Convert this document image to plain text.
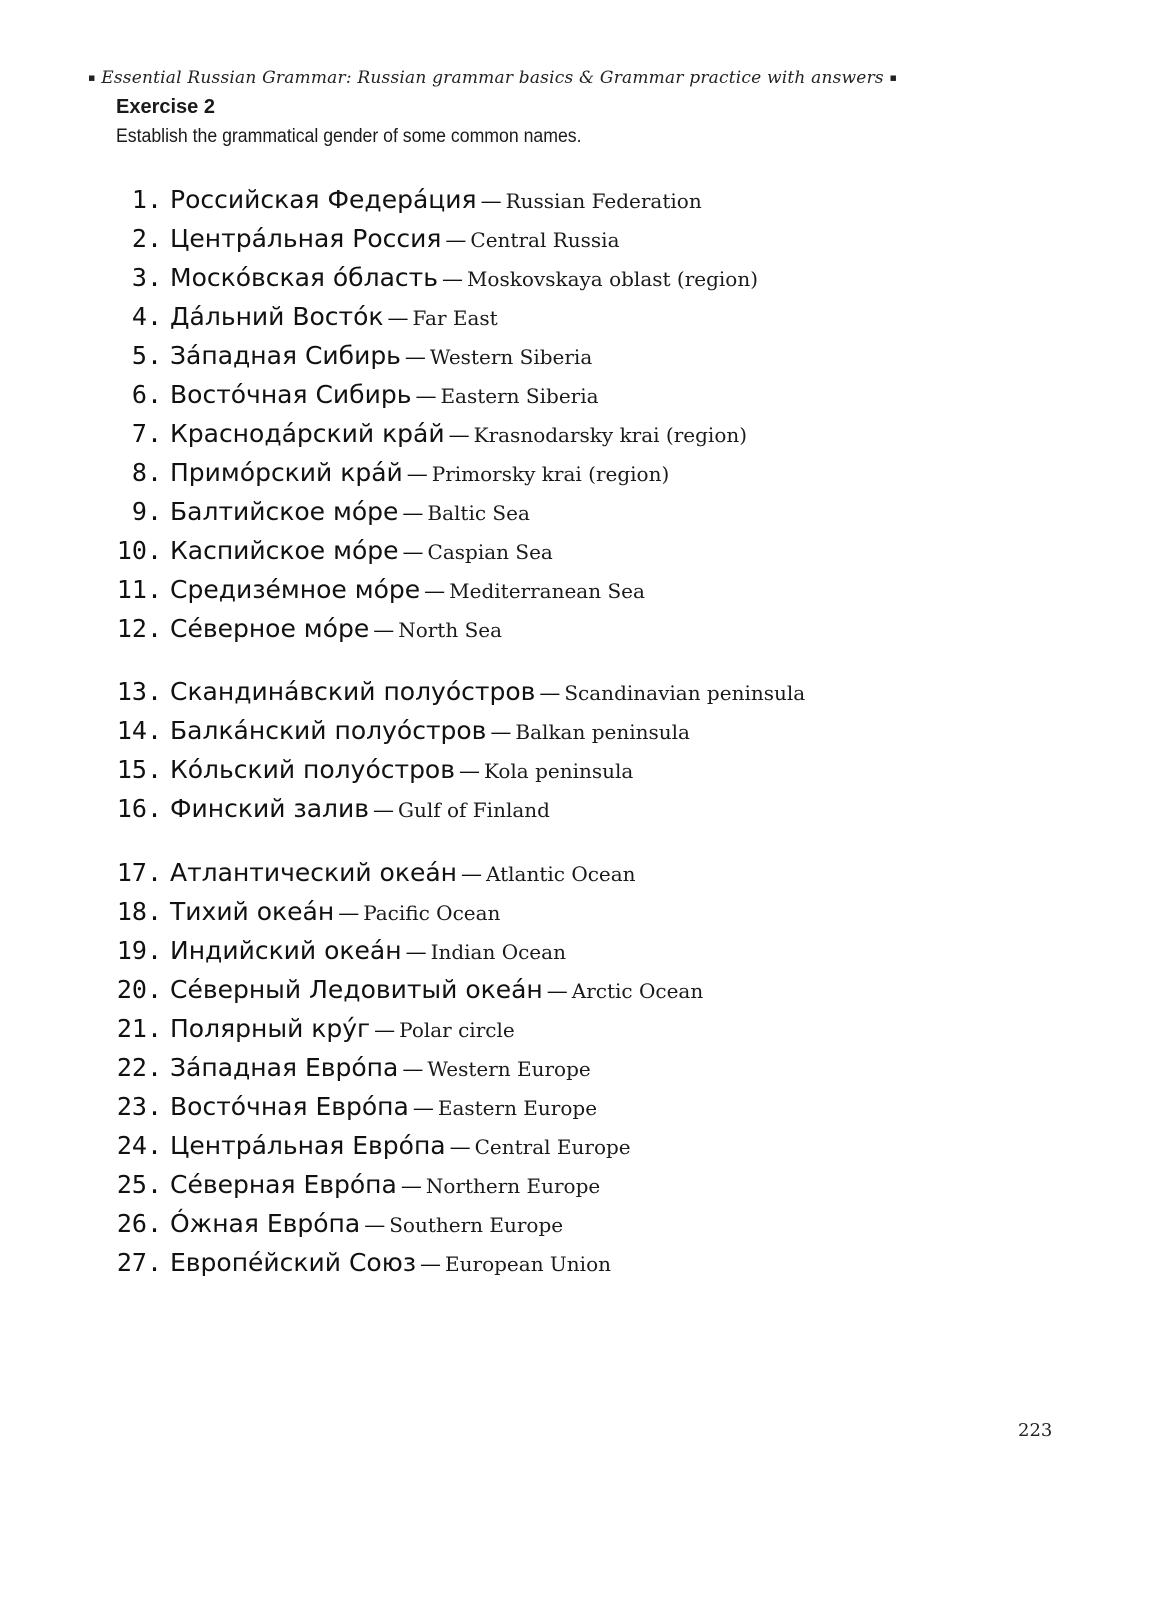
▪ Essential Russian Grammar: Russian grammar basics & Grammar practice with answers ▪
Exercise 2
Establish the grammatical gender of some common names.
1. Российская Федерáция — Russian Federation
2. Центрáльная Россия — Central Russia
3. Москóвская óбласть — Moskovskaya oblast (region)
4. Дáльний Востóк — Far East
5. Зáпадная Сибирь — Western Siberia
6. Востóчная Сибирь — Eastern Siberia
7. Краснодáрский крáй — Krasnodarsky krai (region)
8. Примóрский крáй — Primorsky krai (region)
9. Балтийское мóре — Baltic Sea
10. Каспийское мóре — Caspian Sea
11. Средизéмное мóре — Mediterranean Sea
12. Сéверное мóре — North Sea
13. Скандинáвский полуóстров — Scandinavian peninsula
14. Балкáнский полуóстров — Balkan peninsula
15. Кóльский полуóстров — Kola peninsula
16. Финский залив — Gulf of Finland
17. Атлантический океáн — Atlantic Ocean
18. Тихий океáн — Pacific Ocean
19. Индийский океáн — Indian Ocean
20. Сéверный Ледовитый океáн — Arctic Ocean
21. Полярный крýг — Polar circle
22. Зáпадная Еврóпа — Western Europe
23. Востóчная Еврóпа — Eastern Europe
24. Центрáльная Еврóпа — Central Europe
25. Сéверная Еврóпа — Northern Europe
26. Óжная Еврóпа — Southern Europe
27. Европéйский Союз — European Union
223
